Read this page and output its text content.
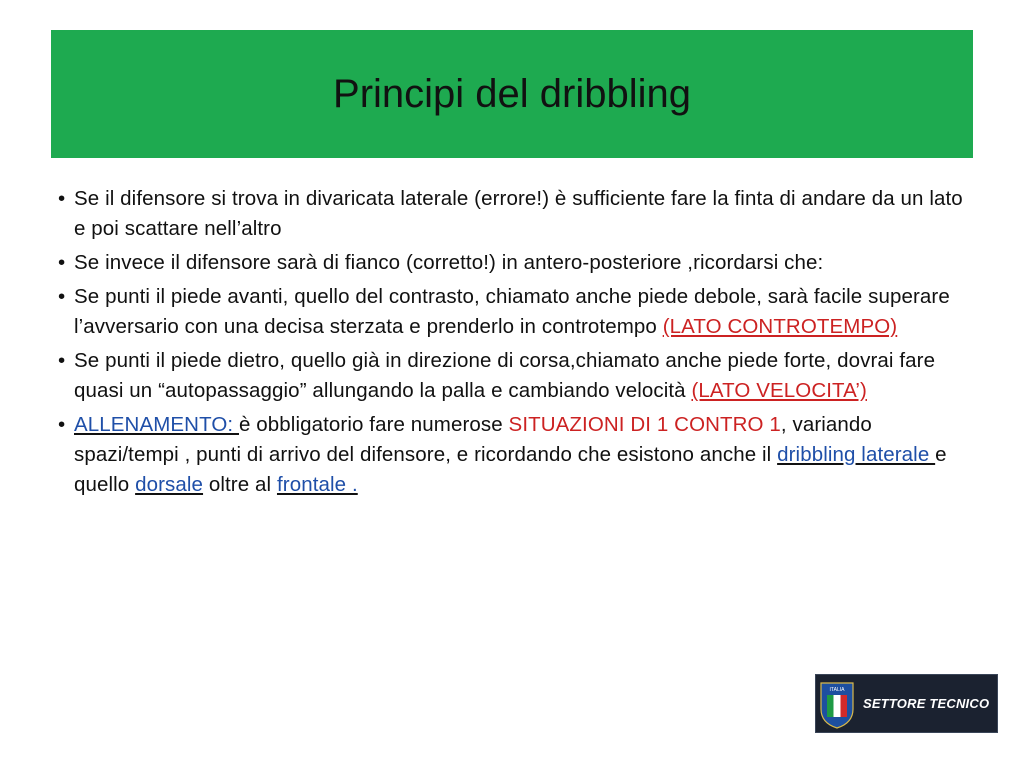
Principi del dribbling
• Se il difensore si trova in divaricata laterale (errore!) è sufficiente fare la finta di andare da un lato e poi scattare nell’altro
• Se invece il difensore sarà di fianco (corretto!) in antero-posteriore ,ricordarsi che:
• Se punti il piede avanti, quello del contrasto, chiamato anche piede debole, sarà facile superare l’avversario con una decisa sterzata e prenderlo in controtempo (LATO CONTROTEMPO)
• Se punti il piede dietro, quello già in direzione di corsa,chiamato anche piede forte, dovrai fare quasi un “autopassaggio” allungando la palla e cambiando velocità (LATO VELOCITA’)
• ALLENAMENTO: è obbligatorio fare numerose SITUAZIONI DI 1 CONTRO 1, variando spazi/tempi , punti di arrivo del difensore, e ricordando che esistono anche il dribbling laterale e quello dorsale oltre al frontale .
ITALIA
SETTORE TECNICO
